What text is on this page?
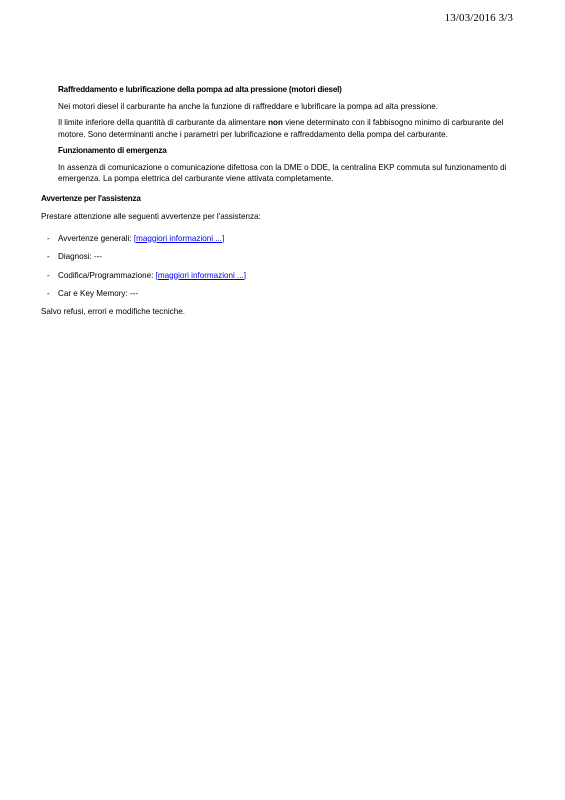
13/03/2016 3/3
Raffreddamento e lubrificazione della pompa ad alta pressione (motori diesel)
Nei motori diesel il carburante ha anche la funzione di raffreddare e lubrificare la pompa ad alta pressione.
Il limite inferiore della quantità di carburante da alimentare non viene determinato con il fabbisogno minimo di carburante del motore. Sono determinanti anche i parametri per lubrificazione e raffreddamento della pompa del carburante.
Funzionamento di emergenza
In assenza di comunicazione o comunicazione difettosa con la DME o DDE, la centralina EKP commuta sul funzionamento di emergenza. La pompa elettrica del carburante viene attivata completamente.
Avvertenze per l'assistenza
Prestare attenzione alle seguenti avvertenze per l'assistenza:
- Avvertenze generali: [maggiori informazioni ...]
- Diagnosi: ---
- Codifica/Programmazione: [maggiori informazioni ...]
- Car e Key Memory: ---
Salvo refusi, errori e modifiche tecniche.
